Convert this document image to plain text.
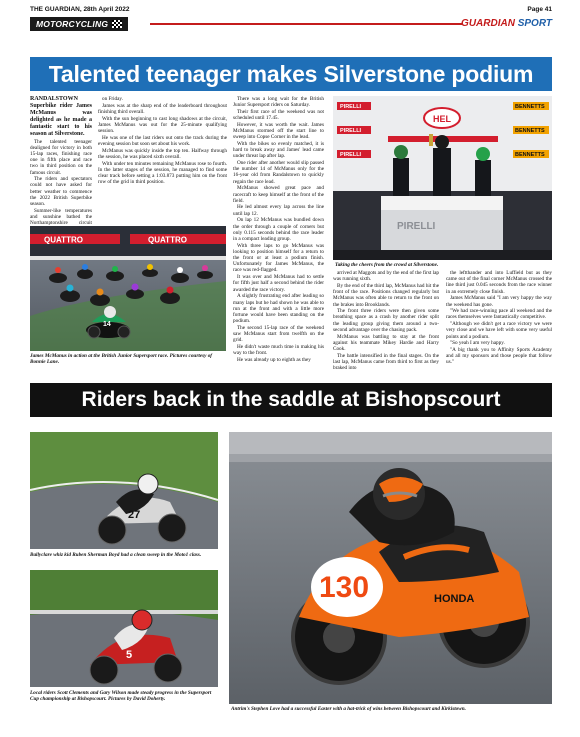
THE GUARDIAN, 28th April 2022	Page 41
MOTORCYCLING	GUARDIAN SPORT
Talented teenager makes Silverstone podium

RANDALSTOWN Superbike rider James McManus was delighted as he made a fantastic start to his season at Silverstone.

The talented teenager dealigned for victory in both 15-lap races, finishing race one in fifth place and race two in third position on the famous circuit.

The riders and spectators could not have asked for better weather to commence the 2022 British Superbike season.

Summer-like temperatures and sunshine bathed the Northamptonshire circuit

on Friday.

James was at the sharp end of the leaderboard throughout finishing third overall.

With the sun beginning to cast long shadows at the circuit, James McManus was out for the 25-minute qualifying session.

He was one of the last riders out onto the track during the evening session but soon set about his work.

McManus was quickly inside the top ten. Halfway through the session, he was placed sixth overall.

With under ten minutes remaining McManus rose to fourth. In the latter stages of the session, he managed to find some clear track before setting a 1:03.873 putting him on the front row of the grid in third position.

There was a long wait for the British Junior Supersport riders on Saturday.

Their first race of the weekend was not scheduled until 17.45.

However, it was worth the wait. James McManus stormed off the start line to sweep into Copse Corner in the lead.

With the bikes so evenly matched, it is hard to break away and James' lead came under threat lap after lap.

One rider after another would slip passed the number 14 of McManus only for the 16-year old from Randalstown to quickly regain the race lead.

McManus showed great pace and racecraft to keep himself at the front of the field.

He led almost every lap across the line until lap 12.

On lap 12 McManus was bundled down the order through a couple of corners but only 0.115 seconds behind the race leader in a compact leading group.

With three laps to go McManus was looking to position himself for a return to the front or at least a podium finish. Unfortunately for James McManus, the race was red-flagged.

It was over and McManus had to settle for fifth just half a second behind the rider awarded the race victory.

A slightly frustrating end after leading so many laps but he had shown he was able to run at the front and with a little more fortune would have been standing on the podium.

The second 15-lap race of the weekend saw McManus start from twelfth on the grid.

He didn't waste much time in making his way to the front.

He was already up to eighth as they

QUATTRO	QUATTRO
14
James McManus in action at the British Junior Supersport race. Pictures courtesy of Bonnie Lane.
PIRELLI
PIRELLI
PIRELLI
BENNETTS
BENNETTS
BENNETTS
HEL
PIRELLI
Taking the cheers from the crowd at Silverstone.

arrived at Maggots and by the end of the first lap was running sixth.

By the end of the third lap, McManus had hit the front of the race. Positions changed regularly but McManus was often able to return to the front on the brakes into Brooklands.

The front three riders were then given some breathing space as a crash by another rider split the leading group giving them around a two-second advantage over the chasing pack.

McManus was battling to stay at the front against his teammate Mikey Hardie and Harry Cook.

The battle intensified in the final stages. On the last lap, McManus came from third to first as they braked into

the leftthander and into Luffield but as they came out of the final corner McManus crossed the line third just 0.045 seconds from the race winner in an extremely close finish.

James McManus said "I am very happy the way the weekend has gone.

"We had race-winning pace all weekend and the races themselves were fantastically competitive.

"Although we didn't get a race victory we were very close and we have left with some very useful points and a podium.

"So yeah I am very happy.

"A big thank you to Affinity Sports Academy and all my sponsors and those people that follow us."

Riders back in the saddle at Bishopscourt
27
Ballyclare whiz kid Ruben Sherman Boyd had a clean sweep in the Moto1 class.
5
Local riders Scott Clements and Gary Wilson made steady progress in the Supersport Cup championship at Bishopscourt. Pictures by David Doherty.
130	HONDA
Antrim's Stephen Love had a successful Easter with a hat-trick of wins between Bishopscourt and Kirkistown.
